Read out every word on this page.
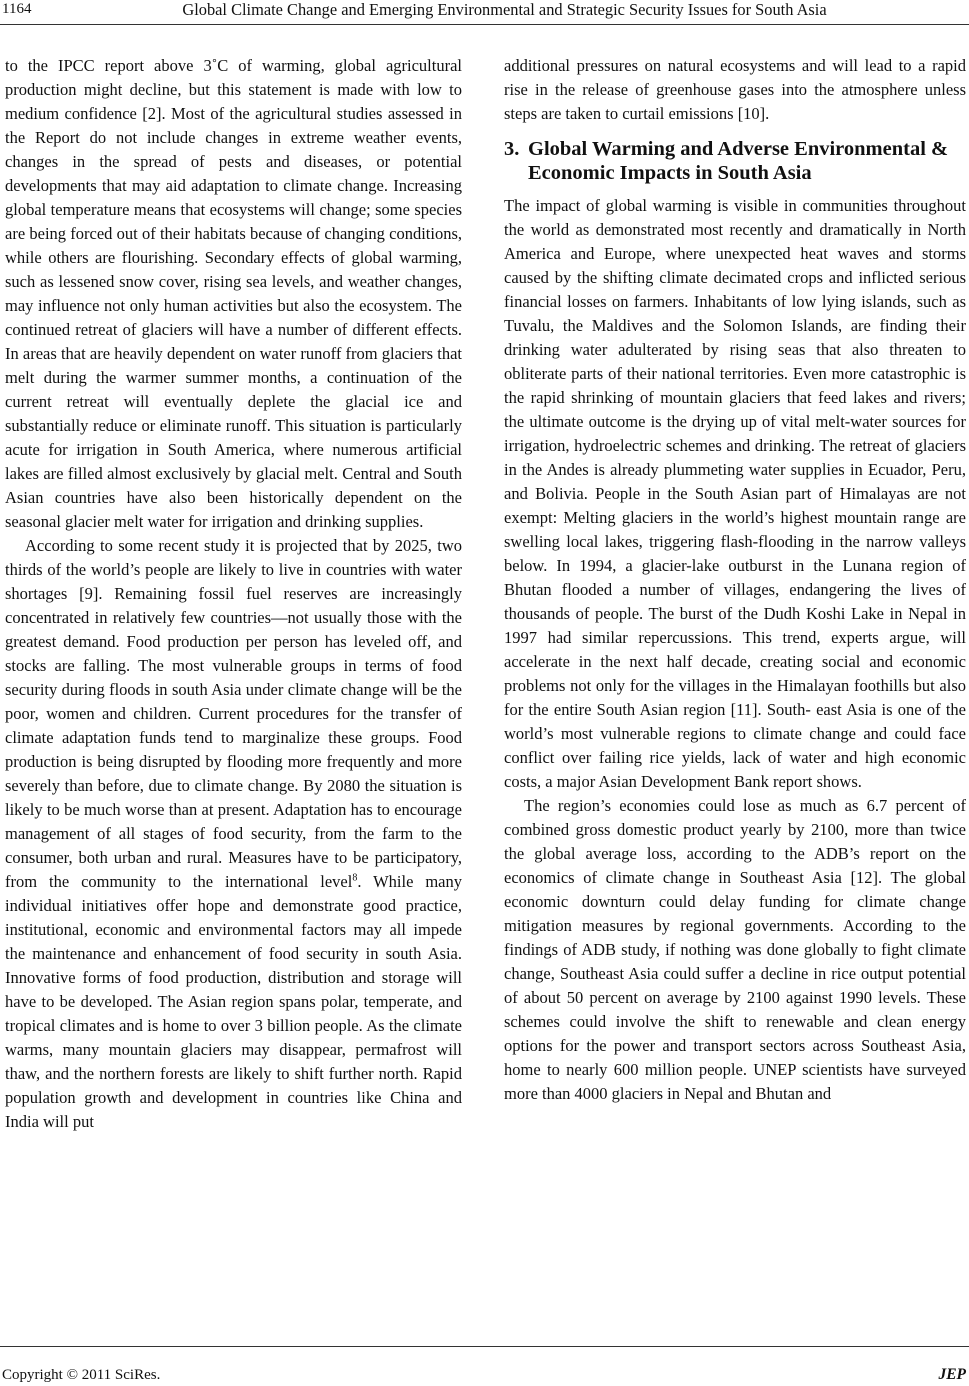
1164	Global Climate Change and Emerging Environmental and Strategic Security Issues for South Asia

to the IPCC report above 3˚C of warming, global agricultural production might decline, but this statement is made with low to medium confidence [2]. Most of the agricultural studies assessed in the Report do not include changes in extreme weather events, changes in the spread of pests and diseases, or potential developments that may aid adaptation to climate change. Increasing global temperature means that ecosystems will change; some species are being forced out of their habitats because of changing conditions, while others are flourishing. Secondary effects of global warming, such as lessened snow cover, rising sea levels, and weather changes, may influence not only human activities but also the ecosystem. The continued retreat of glaciers will have a number of different effects. In areas that are heavily dependent on water runoff from glaciers that melt during the warmer summer months, a continuation of the current retreat will eventually deplete the glacial ice and substantially reduce or eliminate runoff. This situation is particularly acute for irrigation in South America, where numerous artificial lakes are filled almost exclusively by glacial melt. Central and South Asian countries have also been historically dependent on the seasonal glacier melt water for irrigation and drinking supplies.

According to some recent study it is projected that by 2025, two thirds of the world’s people are likely to live in countries with water shortages [9]. Remaining fossil fuel reserves are increasingly concentrated in relatively few countries—not usually those with the greatest demand. Food production per person has leveled off, and stocks are falling. The most vulnerable groups in terms of food security during floods in south Asia under climate change will be the poor, women and children. Current procedures for the transfer of climate adaptation funds tend to marginalize these groups. Food production is being disrupted by flooding more frequently and more severely than before, due to climate change. By 2080 the situation is likely to be much worse than at present. Adaptation has to encourage management of all stages of food security, from the farm to the consumer, both urban and rural. Measures have to be participatory, from the community to the international level$^8$. While many individual initiatives offer hope and demonstrate good practice, institutional, economic and environmental factors may all impede the maintenance and enhancement of food security in south Asia. Innovative forms of food production, distribution and storage will have to be developed. The Asian region spans polar, temperate, and tropical climates and is home to over 3 billion people. As the climate warms, many mountain glaciers may disappear, permafrost will thaw, and the northern forests are likely to shift further north. Rapid population growth and development in countries like China and India will put

additional pressures on natural ecosystems and will lead to a rapid rise in the release of greenhouse gases into the atmosphere unless steps are taken to curtail emissions [10].

3. Global Warming and Adverse Environmental & Economic Impacts in South Asia

The impact of global warming is visible in communities throughout the world as demonstrated most recently and dramatically in North America and Europe, where unexpected heat waves and storms caused by the shifting climate decimated crops and inflicted serious financial losses on farmers. Inhabitants of low lying islands, such as Tuvalu, the Maldives and the Solomon Islands, are finding their drinking water adulterated by rising seas that also threaten to obliterate parts of their national territories. Even more catastrophic is the rapid shrinking of mountain glaciers that feed lakes and rivers; the ultimate outcome is the drying up of vital melt-water sources for irrigation, hydroelectric schemes and drinking. The retreat of glaciers in the Andes is already plummeting water supplies in Ecuador, Peru, and Bolivia. People in the South Asian part of Himalayas are not exempt: Melting glaciers in the world’s highest mountain range are swelling local lakes, triggering flash-flooding in the narrow valleys below. In 1994, a glacier-lake outburst in the Lunana region of Bhutan flooded a number of villages, endangering the lives of thousands of people. The burst of the Dudh Koshi Lake in Nepal in 1997 had similar repercussions. This trend, experts argue, will accelerate in the next half decade, creating social and economic problems not only for the villages in the Himalayan foothills but also for the entire South Asian region [11]. South- east Asia is one of the world’s most vulnerable regions to climate change and could face conflict over failing rice yields, lack of water and high economic costs, a major Asian Development Bank report shows.

The region’s economies could lose as much as 6.7 percent of combined gross domestic product yearly by 2100, more than twice the global average loss, according to the ADB’s report on the economics of climate change in Southeast Asia [12]. The global economic downturn could delay funding for climate change mitigation measures by regional governments. According to the findings of ADB study, if nothing was done globally to fight climate change, Southeast Asia could suffer a decline in rice output potential of about 50 percent on average by 2100 against 1990 levels. These schemes could involve the shift to renewable and clean energy options for the power and transport sectors across Southeast Asia, home to nearly 600 million people. UNEP scientists have surveyed more than 4000 glaciers in Nepal and Bhutan and

Copyright © 2011 SciRes.	JEP
